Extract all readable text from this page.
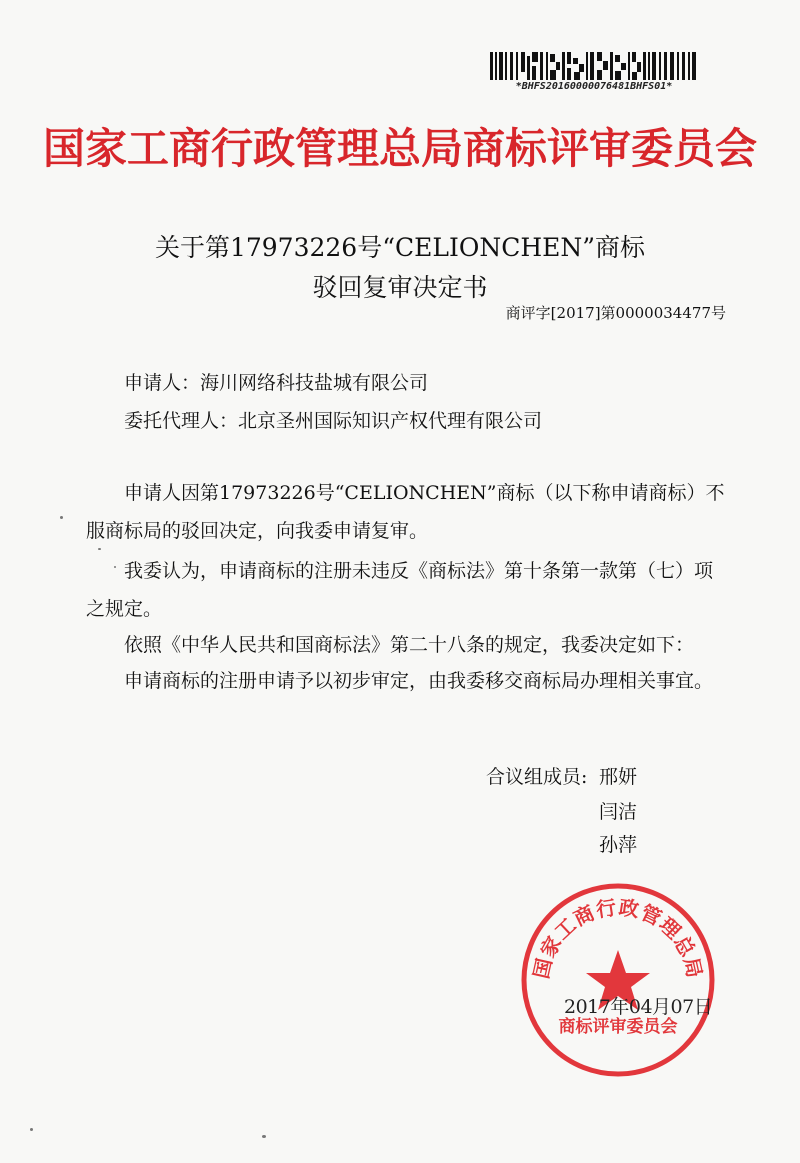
*BHFS20160000076481BHFS01*
国家工商行政管理总局商标评审委员会
关于第17973226号“CELIONCHEN”商标
驳回复审决定书
商评字[2017]第0000034477号
申请人：海川网络科技盐城有限公司
委托代理人：北京圣州国际知识产权代理有限公司
申请人因第17973226号“CELIONCHEN”商标（以下称申请商标）不
服商标局的驳回决定，向我委申请复审。
我委认为，申请商标的注册未违反《商标法》第十条第一款第（七）项
之规定。
依照《中华人民共和国商标法》第二十八条的规定，我委决定如下：
申请商标的注册申请予以初步审定，由我委移交商标局办理相关事宜。
合议组成员: 邢妍
闫洁
孙萍
国家工商行政管理总局
商标评审委员会
2017年04月07日
